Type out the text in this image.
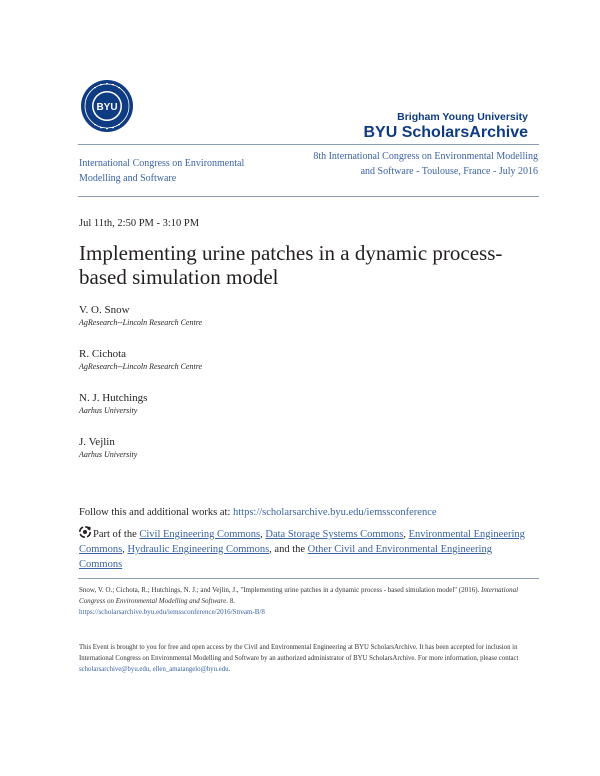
BYU
Brigham Young University
BYU ScholarsArchive
International Congress on Environmental Modelling and Software
8th International Congress on Environmental Modelling and Software - Toulouse, France - July 2016
Jul 11th, 2:50 PM - 3:10 PM
Implementing urine patches in a dynamic process-based simulation model
V. O. Snow
AgResearch--Lincoln Research Centre
R. Cichota
AgResearch--Lincoln Research Centre
N. J. Hutchings
Aarhus University
J. Vejlin
Aarhus University
Follow this and additional works at: https://scholarsarchive.byu.edu/iemssconference
Part of the Civil Engineering Commons, Data Storage Systems Commons, Environmental Engineering Commons, Hydraulic Engineering Commons, and the Other Civil and Environmental Engineering Commons
Snow, V. O.; Cichota, R.; Hutchings, N. J.; and Vejlin, J., "Implementing urine patches in a dynamic process - based simulation model" (2016). International Congress on Environmental Modelling and Software. 8.
https://scholarsarchive.byu.edu/iemssconference/2016/Stream-B/8
This Event is brought to you for free and open access by the Civil and Environmental Engineering at BYU ScholarsArchive. It has been accepted for inclusion in International Congress on Environmental Modelling and Software by an authorized administrator of BYU ScholarsArchive. For more information, please contact scholarsarchive@byu.edu, ellen_amatangelo@byu.edu.
